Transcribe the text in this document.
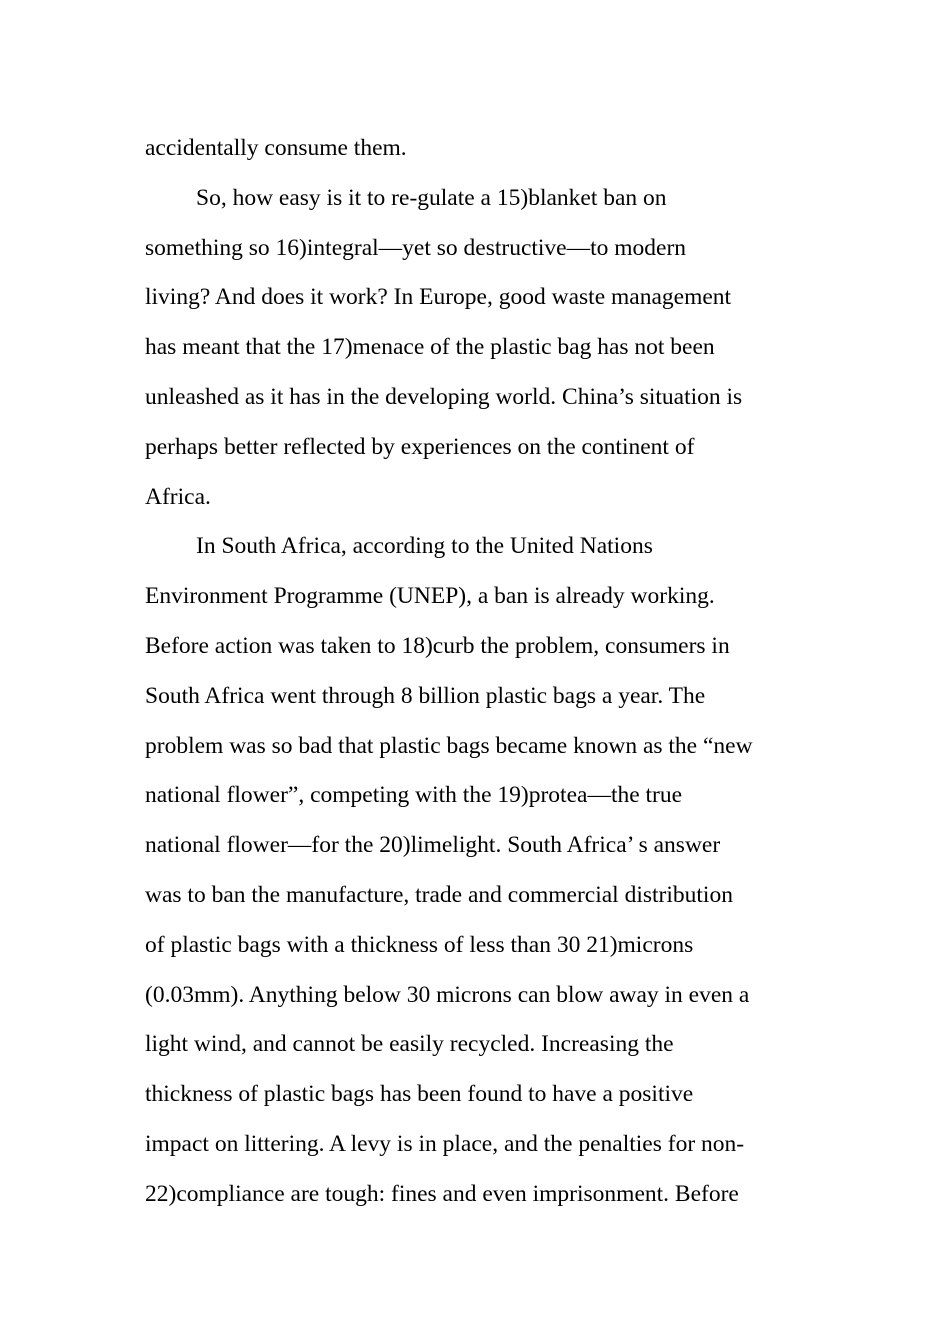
accidentally consume them.
So, how easy is it to re-gulate a 15)blanket ban on
something so 16)integral—yet so destructive—to modern
living? And does it work? In Europe, good waste management
has meant that the 17)menace of the plastic bag has not been
unleashed as it has in the developing world. China’s situation is
perhaps better reflected by experiences on the continent of
Africa.
In South Africa, according to the United Nations
Environment Programme (UNEP), a ban is already working.
Before action was taken to 18)curb the problem, consumers in
South Africa went through 8 billion plastic bags a year. The
problem was so bad that plastic bags became known as the “new
national flower”, competing with the 19)protea—the true
national flower—for the 20)limelight. South Africa’ s answer
was to ban the manufacture, trade and commercial distribution
of plastic bags with a thickness of less than 30 21)microns
(0.03mm). Anything below 30 microns can blow away in even a
light wind, and cannot be easily recycled. Increasing the
thickness of plastic bags has been found to have a positive
impact on littering. A levy is in place, and the penalties for non-
22)compliance are tough: fines and even imprisonment. Before
